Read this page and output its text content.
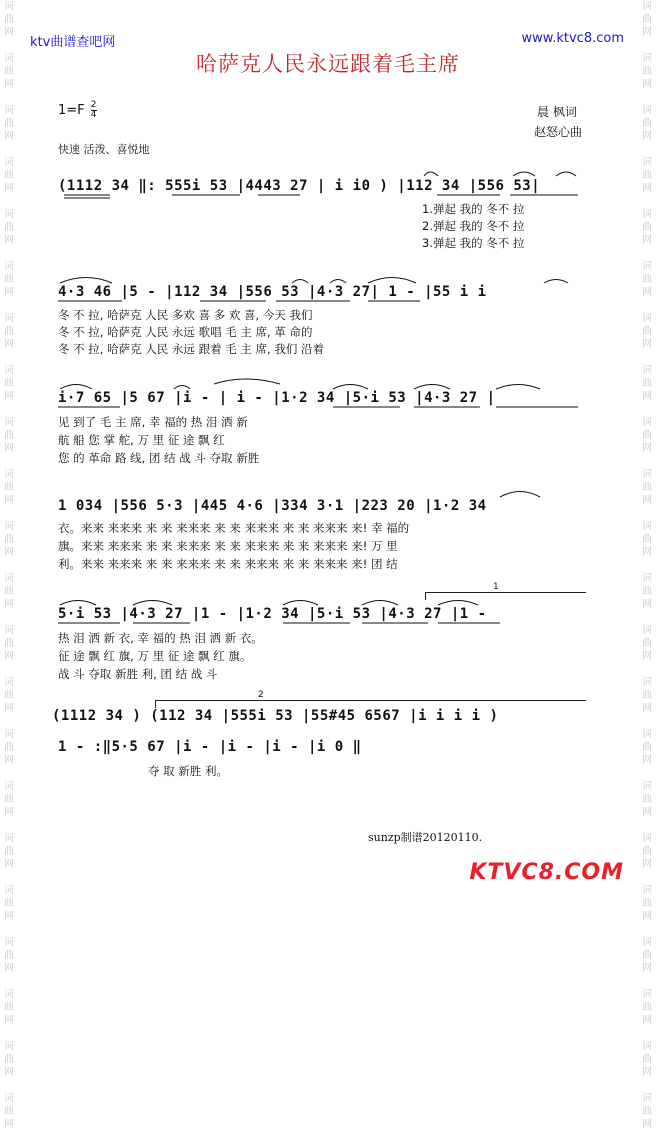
词
曲
网

词
曲
网

词
曲
网

词
曲
网

词
曲
网

词
曲
网

词
曲
网

词
曲
网

词
曲
网

词
曲
网

词
曲
网

词
曲
网

词
曲
网

词
曲
网

词
曲
网

词
曲
网

词
曲
网

词
曲
网

词
曲
网

词
曲
网

词
曲
网

词
曲
网

词
曲
网

词
曲
网

词
曲
网

词
曲
网

词
曲
网

词
曲
网

词
曲
网

词
曲
网

词
曲
网

词
曲
网

词
曲
网

词
曲
网

词
曲
网

词
曲
网

词
曲
网

词
曲
网

词
曲
网

词
曲
网

词
曲
网

词
曲
网

词
曲
网

词
曲
网

ktv曲谱查吧网	www.ktvc8.com
哈萨克人民永远跟着毛主席
$1=F \frac{2}{4}$	晨 枫词
赵怒心曲
快速 活泼、喜悦地
(1112 34 ‖: 555i 53 |4443 27 | i i0 ) |112 34 |556 53|
1.弹起 我的 冬不 拉
2.弹起 我的 冬不 拉
3.弹起 我的 冬不 拉
4·3 46 |5 - |112 34 |556 53 |4·3 27| 1 - |55 i i
冬 不 拉, 哈萨克 人民 多欢 喜 多 欢 喜, 今天 我们
冬 不 拉, 哈萨克 人民 永远 歌唱 毛 主 席, 革 命的
冬 不 拉, 哈萨克 人民 永远 跟着 毛 主 席, 我们 沿着
i·7 65 |5 67 |i - | i - |1·2 34 |5·i 53 |4·3 27 |
见 到了 毛 主 席, 幸 福的 热 泪 洒 新
航 船 您 掌 舵, 万 里 征 途 飘 红
您 的 革命 路 线, 团 结 战 斗 夺取 新胜
1 034 |556 5·3 |445 4·6 |334 3·1 |223 20 |1·2 34
衣。来来 来来来 来 来 来来来 来 来 来来来 来 来 来来来 来! 幸 福的
旗。来来 来来来 来 来 来来来 来 来 来来来 来 来 来来来 来! 万 里
利。来来 来来来 来 来 来来来 来 来 来来来 来 来 来来来 来! 团 结
1
5·i 53 |4·3 27 |1 - |1·2 34 |5·i 53 |4·3 27 |1 -
热 泪 洒 新 衣, 幸 福的 热 泪 洒 新 衣。
征 途 飘 红 旗, 万 里 征 途 飘 红 旗。
战 斗 夺取 新胜 利, 团 结 战 斗
2
(1112 34 ) (112 34 |555i 53 |55#45 6567 |i i i i )
1 - :‖5·5 67 |i - |i - |i - |i 0 ‖
夺 取 新胜 利。
sunzp制谱20120110.
KTVC8.COM
